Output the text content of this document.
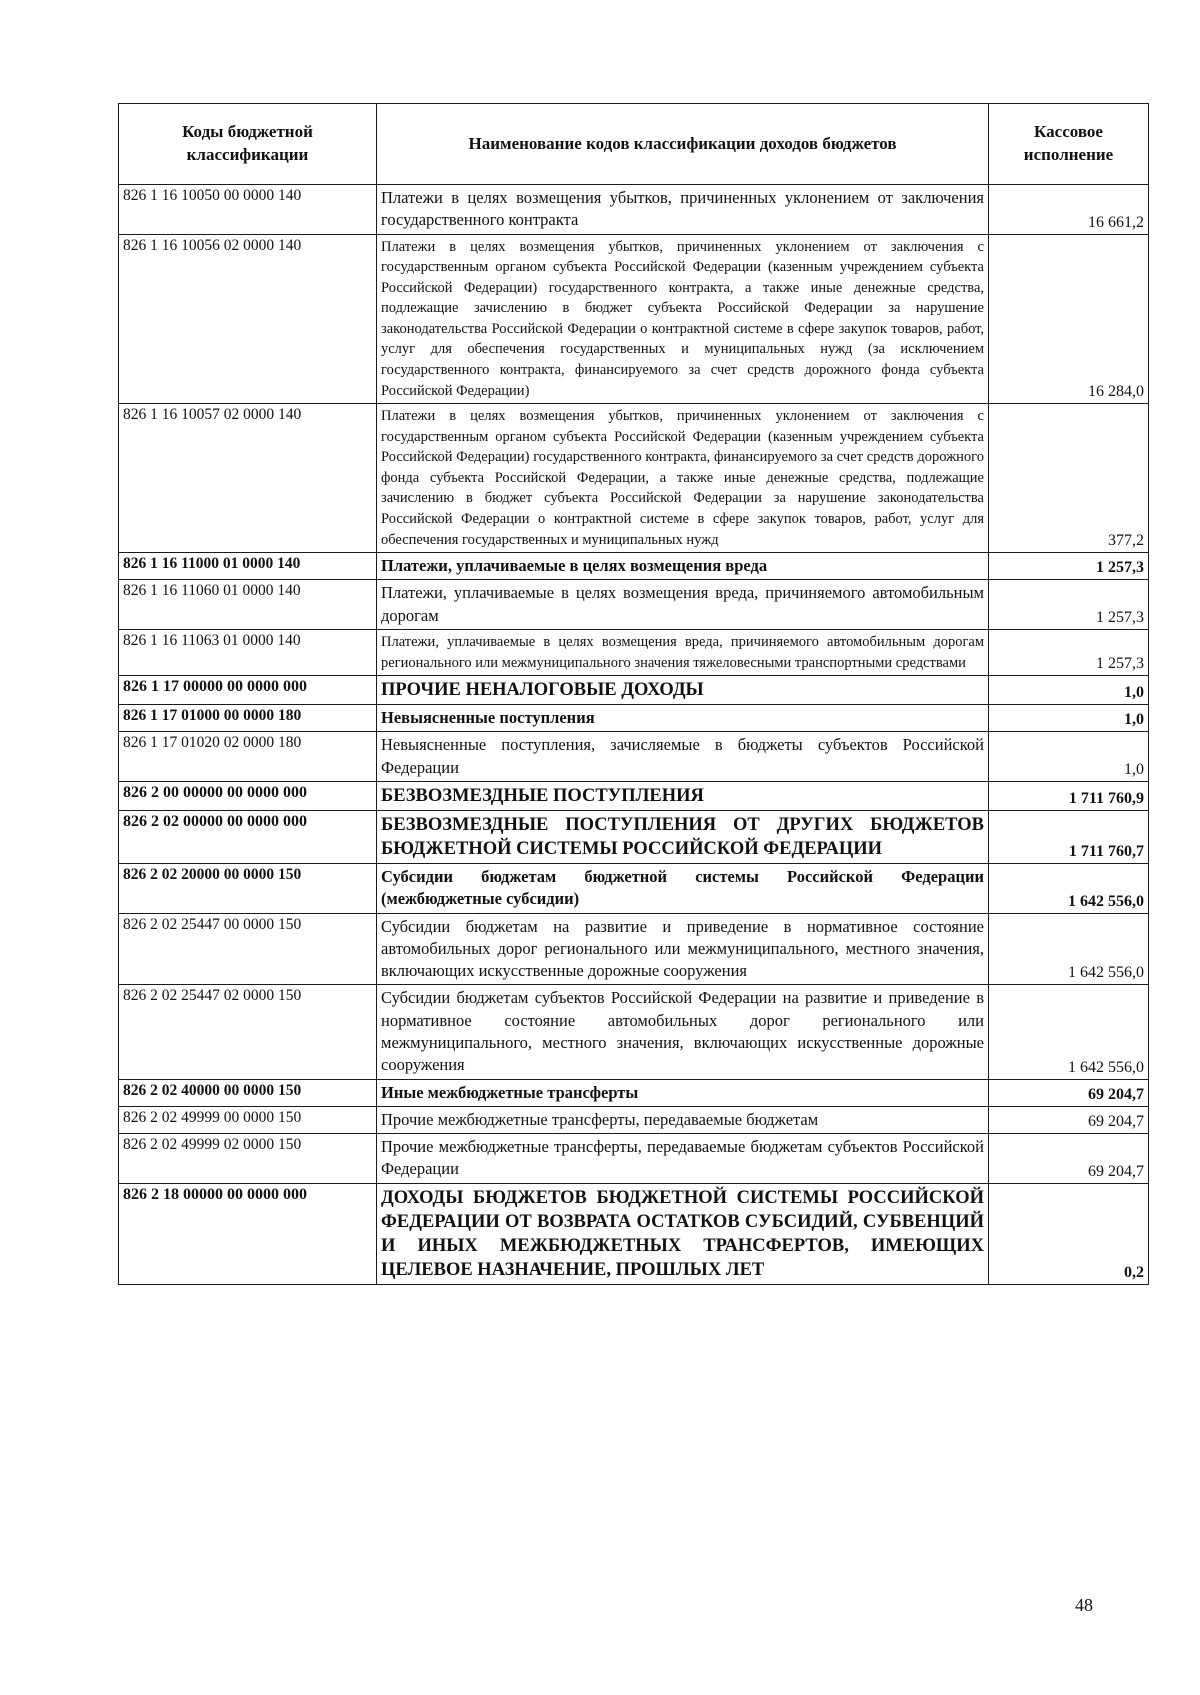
Коды бюджетной классификации	Наименование кодов классификации доходов бюджетов	Кассовое исполнение
826 1 16 10050 00 0000 140	Платежи в целях возмещения убытков, причиненных уклонением от заключения государственного контракта	16 661,2
826 1 16 10056 02 0000 140	Платежи в целях возмещения убытков, причиненных уклонением от заключения с государственным органом субъекта Российской Федерации (казенным учреждением субъекта Российской Федерации) государственного контракта, а также иные денежные средства, подлежащие зачислению в бюджет субъекта Российской Федерации за нарушение законодательства Российской Федерации о контрактной системе в сфере закупок товаров, работ, услуг для обеспечения государственных и муниципальных нужд (за исключением государственного контракта, финансируемого за счет средств дорожного фонда субъекта Российской Федерации)	16 284,0
826 1 16 10057 02 0000 140	Платежи в целях возмещения убытков, причиненных уклонением от заключения с государственным органом субъекта Российской Федерации (казенным учреждением субъекта Российской Федерации) государственного контракта, финансируемого за счет средств дорожного фонда субъекта Российской Федерации, а также иные денежные средства, подлежащие зачислению в бюджет субъекта Российской Федерации за нарушение законодательства Российской Федерации о контрактной системе в сфере закупок товаров, работ, услуг для обеспечения государственных и муниципальных нужд	377,2
826 1 16 11000 01 0000 140	Платежи, уплачиваемые в целях возмещения вреда	1 257,3
826 1 16 11060 01 0000 140	Платежи, уплачиваемые в целях возмещения вреда, причиняемого автомобильным дорогам	1 257,3
826 1 16 11063 01 0000 140	Платежи, уплачиваемые в целях возмещения вреда, причиняемого автомобильным дорогам регионального или межмуниципального значения тяжеловесными транспортными средствами	1 257,3
826 1 17 00000 00 0000 000	ПРОЧИЕ НЕНАЛОГОВЫЕ ДОХОДЫ	1,0
826 1 17 01000 00 0000 180	Невыясненные поступления	1,0
826 1 17 01020 02 0000 180	Невыясненные поступления, зачисляемые в бюджеты субъектов Российской Федерации	1,0
826 2 00 00000 00 0000 000	БЕЗВОЗМЕЗДНЫЕ ПОСТУПЛЕНИЯ	1 711 760,9
826 2 02 00000 00 0000 000	БЕЗВОЗМЕЗДНЫЕ ПОСТУПЛЕНИЯ ОТ ДРУГИХ БЮДЖЕТОВ БЮДЖЕТНОЙ СИСТЕМЫ РОССИЙСКОЙ ФЕДЕРАЦИИ	1 711 760,7
826 2 02 20000 00 0000 150	Субсидии бюджетам бюджетной системы Российской Федерации (межбюджетные субсидии)	1 642 556,0
826 2 02 25447 00 0000 150	Субсидии бюджетам на развитие и приведение в нормативное состояние автомобильных дорог регионального или межмуниципального, местного значения, включающих искусственные дорожные сооружения	1 642 556,0
826 2 02 25447 02 0000 150	Субсидии бюджетам субъектов Российской Федерации на развитие и приведение в нормативное состояние автомобильных дорог регионального или межмуниципального, местного значения, включающих искусственные дорожные сооружения	1 642 556,0
826 2 02 40000 00 0000 150	Иные межбюджетные трансферты	69 204,7
826 2 02 49999 00 0000 150	Прочие межбюджетные трансферты, передаваемые бюджетам	69 204,7
826 2 02 49999 02 0000 150	Прочие межбюджетные трансферты, передаваемые бюджетам субъектов Российской Федерации	69 204,7
826 2 18 00000 00 0000 000	ДОХОДЫ БЮДЖЕТОВ БЮДЖЕТНОЙ СИСТЕМЫ РОССИЙСКОЙ ФЕДЕРАЦИИ ОТ ВОЗВРАТА ОСТАТКОВ СУБСИДИЙ, СУБВЕНЦИЙ И ИНЫХ МЕЖБЮДЖЕТНЫХ ТРАНСФЕРТОВ, ИМЕЮЩИХ ЦЕЛЕВОЕ НАЗНАЧЕНИЕ, ПРОШЛЫХ ЛЕТ	0,2
48
